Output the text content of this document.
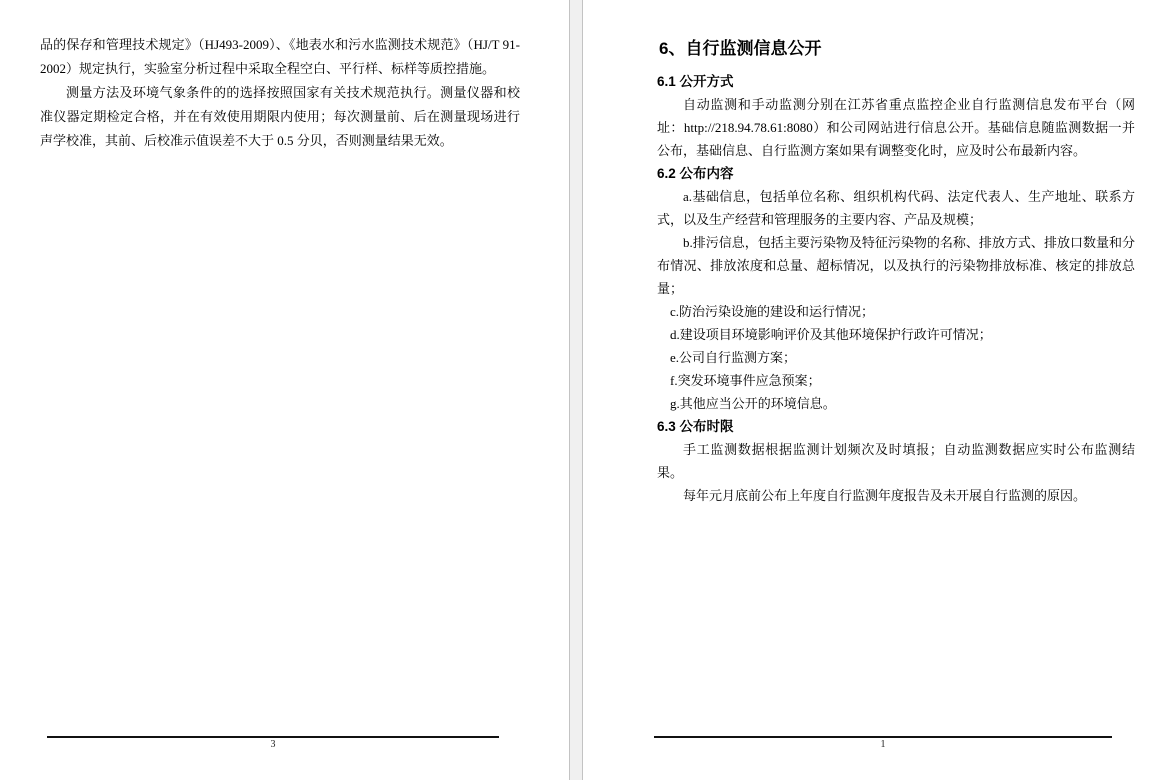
品的保存和管理技术规定》（HJ493-2009）、《地表水和污水监测技术规范》（HJ/T 91-2002）规定执行，实验室分析过程中采取全程空白、平行样、标样等质控措施。

测量方法及环境气象条件的的选择按照国家有关技术规范执行。测量仪器和校准仪器定期检定合格，并在有效使用期限内使用；每次测量前、后在测量现场进行声学校准，其前、后校准示值误差不大于 0.5 分贝，否则测量结果无效。

6、自行监测信息公开
6.1 公开方式

自动监测和手动监测分别在江苏省重点监控企业自行监测信息发布平台（网址：http://218.94.78.61:8080）和公司网站进行信息公开。基础信息随监测数据一并公布，基础信息、自行监测方案如果有调整变化时，应及时公布最新内容。

6.2 公布内容

a.基础信息，包括单位名称、组织机构代码、法定代表人、生产地址、联系方式，以及生产经营和管理服务的主要内容、产品及规模；

b.排污信息，包括主要污染物及特征污染物的名称、排放方式、排放口数量和分布情况、排放浓度和总量、超标情况，以及执行的污染物排放标准、核定的排放总量；

c.防治污染设施的建设和运行情况；

d.建设项目环境影响评价及其他环境保护行政许可情况；

e.公司自行监测方案；

f.突发环境事件应急预案；

g.其他应当公开的环境信息。

6.3 公布时限

手工监测数据根据监测计划频次及时填报；自动监测数据应实时公布监测结果。

每年元月底前公布上年度自行监测年度报告及未开展自行监测的原因。

3	1
